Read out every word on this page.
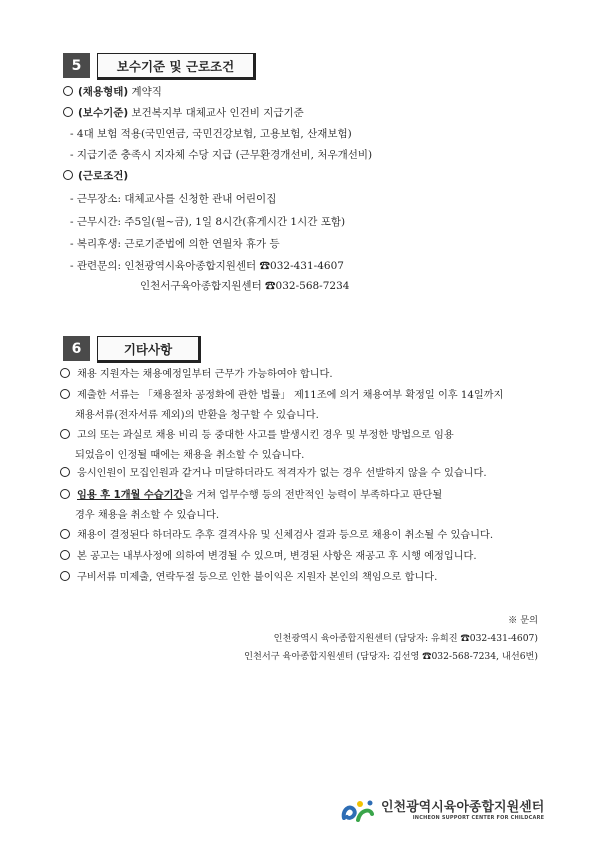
5	보수기준 및 근로조건
(채용형태) 계약직
(보수기준) 보건복지부 대체교사 인건비 지급기준
- 4대 보험 적용(국민연금, 국민건강보험, 고용보험, 산재보험)
- 지급기준 충족시 지자체 수당 지급 (근무환경개선비, 처우개선비)
(근로조건)
- 근무장소: 대체교사를 신청한 관내 어린이집
- 근무시간: 주5일(월~금), 1일 8시간(휴게시간 1시간 포함)
- 복리후생: 근로기준법에 의한 연월차 휴가 등
- 관련문의: 인천광역시육아종합지원센터 ☎032-431-4607
인천서구육아종합지원센터 ☎032-568-7234
6	기타사항
채용 지원자는 채용예정일부터 근무가 가능하여야 합니다.
제출한 서류는 「채용절차 공정화에 관한 법률」 제11조에 의거 채용여부 확정일 이후 14일까지
채용서류(전자서류 제외)의 반환을 청구할 수 있습니다.
고의 또는 과실로 채용 비리 등 중대한 사고를 발생시킨 경우 및 부정한 방법으로 임용
되었음이 인정될 때에는 채용을 취소할 수 있습니다.
응시인원이 모집인원과 같거나 미달하더라도 적격자가 없는 경우 선발하지 않을 수 있습니다.
임용 후 1개월 수습기간을 거쳐 업무수행 등의 전반적인 능력이 부족하다고 판단될
경우 채용을 취소할 수 있습니다.
채용이 결정된다 하더라도 추후 결격사유 및 신체검사 결과 등으로 채용이 취소될 수 있습니다.
본 공고는 내부사정에 의하여 변경될 수 있으며, 변경된 사항은 재공고 후 시행 예정입니다.
구비서류 미제출, 연락두절 등으로 인한 불이익은 지원자 본인의 책임으로 합니다.
※ 문의
인천광역시 육아종합지원센터 (담당자: 유희진 ☎032-431-4607)
인천서구 육아종합지원센터 (담당자: 김선영 ☎032-568-7234, 내선6번)
인천광역시육아종합지원센터
INCHEON SUPPORT CENTER FOR CHILDCARE
